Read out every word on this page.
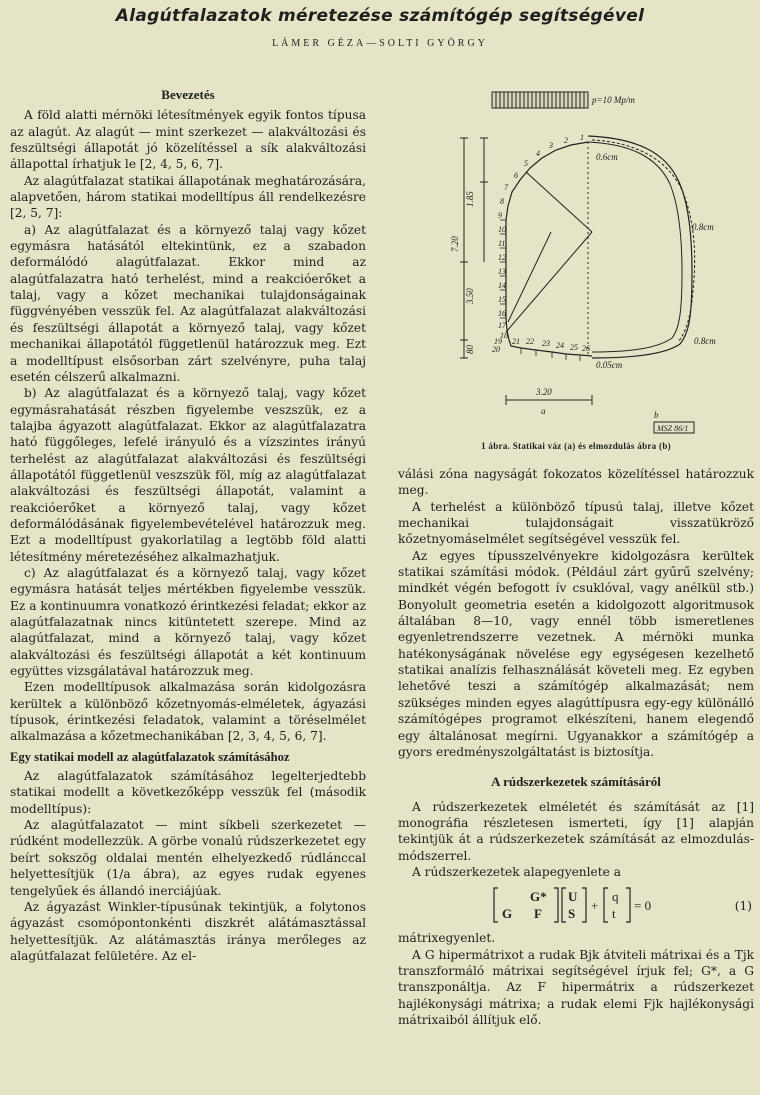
Alagútfalazatok méretezése számítógép segítségével
LÁMER GÉZA—SOLTI GYÖRGY

Bevezetés

A föld alatti mérnöki létesítmények egyik fontos típusa az alagút. Az alagút — mint szerkezet — alakváltozási és feszültségi állapotát jó közelítéssel a sík alakváltozási állapottal írhatjuk le [2, 4, 5, 6, 7].

Az alagútfalazat statikai állapotának meghatározására, alapvetően, három statikai modelltípus áll rendelkezésre [2, 5, 7]:

a) Az alagútfalazat és a környező talaj vagy kőzet egymásra hatásától eltekintünk, ez a szabadon deformálódó alagútfalazat. Ekkor mind az alagútfalazatra ható terhelést, mind a reakcióerőket a talaj, vagy a kőzet mechanikai tulajdonságainak függvényében vesszük fel. Az alagútfalazat alakváltozási és feszültségi állapotát a környező talaj, vagy kőzet mechanikai állapotától függetlenül határozzuk meg. Ezt a modelltípust elsősorban zárt szelvényre, puha talaj esetén célszerű alkalmazni.

b) Az alagútfalazat és a környező talaj, vagy kőzet egymásrahatását részben figyelembe veszszük, ez a talajba ágyazott alagútfalazat. Ekkor az alagútfalazatra ható függőleges, lefelé irányuló és a vízszintes irányú terhelést az alagútfalazat alakváltozási és feszültségi állapotától függetlenül veszszük föl, míg az alagútfalazat alakváltozási és feszültségi állapotát, valamint a reakcióerőket a környező talaj, vagy kőzet deformálódásának figyelembevételével határozzuk meg. Ezt a modelltípust gyakorlatilag a legtöbb föld alatti létesítmény méretezéséhez alkalmazhatjuk.

c) Az alagútfalazat és a környező talaj, vagy kőzet egymásra hatását teljes mértékben figyelembe vesszük. Ez a kontinuumra vonatkozó érintkezési feladat; ekkor az alagútfalazatnak nincs kitüntetett szerepe. Mind az alagútfalazat, mind a környező talaj, vagy kőzet alakváltozási és feszültségi állapotát a két kontinuum együttes vizsgálatával határozzuk meg.

Ezen modelltípusok alkalmazása során kidolgozásra kerültek a különböző kőzetnyomás-elméletek, ágyazási típusok, érintkezési feladatok, valamint a töréselmélet alkalmazása a kőzetmechanikában [2, 3, 4, 5, 6, 7].

Egy statikai modell az alagútfalazatok számításához

Az alagútfalazatok számításához legelterjedtebb statikai modellt a következőképp vesszük fel (második modelltípus):

Az alagútfalazatot — mint síkbeli szerkezetet — rúdként modellezzük. A görbe vonalú rúdszerkezetet egy beírt sokszög oldalai mentén elhelyezkedő rúdlánccal helyettesítjük (1/a ábra), az egyes rudak egyenes tengelyűek és állandó inerciájúak.

Az ágyazást Winkler-típusúnak tekintjük, a folytonos ágyazást csomópontonkénti diszkrét alátámasztással helyettesítjük. Az alátámasztás iránya merőleges az alagútfalazat felületére. Az el-

p=10 Mp/m
1.85
7.20
3.50
80
3.20
0.6cm
0.8cm
0.8cm
0.05cm
a	b
MSZ 86/1
1
2
3
4
5
6
7
8
9
10
11
12
13
14
15
16
17
18
19
20
21 22 23 24 25 26
1 ábra. Statikai váz (a) és elmozdulás ábra (b)

válási zóna nagyságát fokozatos közelítéssel határozzuk meg.

A terhelést a különböző típusú talaj, illetve kőzet mechanikai tulajdonságait visszatükröző kőzetnyomáselmélet segítségével vesszük fel.

Az egyes típusszelvényekre kidolgozásra kerültek statikai számítási módok. (Például zárt gyűrű szelvény; mindkét végén befogott ív csuklóval, vagy anélkül stb.) Bonyolult geometria esetén a kidolgozott algoritmusok általában 8—10, vagy ennél több ismeretlenes egyenletrendszerre vezetnek. A mérnöki munka hatékonyságának növelése egy egységesen kezelhető statikai analízis felhasználását követeli meg. Ez egyben lehetővé teszi a számítógép alkalmazását; nem szükséges minden egyes alagúttípusra egy-egy különálló számítógépes programot elkészíteni, hanem elegendő egy általánosat megírni. Ugyanakkor a számítógép a gyors eredményszolgáltatást is biztosítja.

A rúdszerkezetek számításáról

A rúdszerkezetek elméletét és számítását az [1] monográfia részletesen ismerteti, így [1] alapján tekintjük át a rúdszerkezetek számítását az elmozdulás-módszerrel.

A rúdszerkezetek alapegyenlete a

G*
G F
U
S
+
q
t
= 0	(1)

mátrixegyenlet.

A G hipermátrixot a rudak Bjk átviteli mátrixai és a Tjk transzformáló mátrixai segítségével írjuk fel; G*, a G transzponáltja. Az F hipermátrix a rúdszerkezet hajlékonysági mátrixa; a rudak elemi Fjk hajlékonysági mátrixaiból állítjuk elő.
